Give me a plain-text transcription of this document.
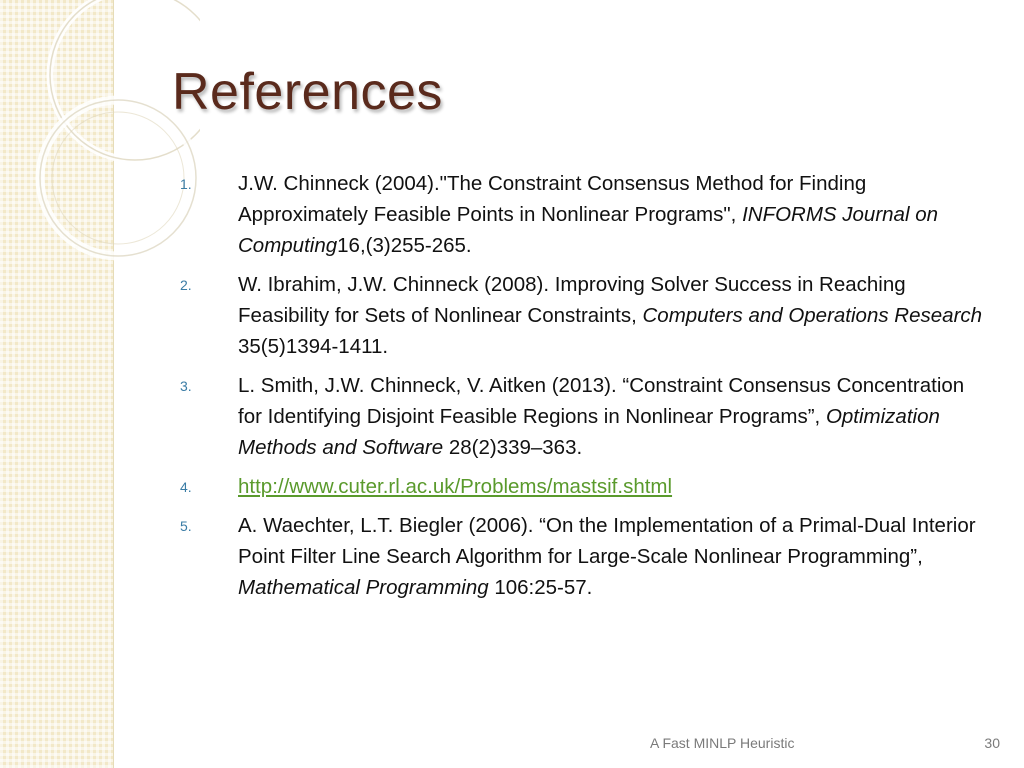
References
1. J.W. Chinneck (2004)."The Constraint Consensus Method for Finding Approximately Feasible Points in Nonlinear Programs", INFORMS Journal on Computing16,(3)255-265.
2. W. Ibrahim, J.W. Chinneck (2008). Improving Solver Success in Reaching Feasibility for Sets of Nonlinear Constraints, Computers and Operations Research 35(5)1394-1411.
3. L. Smith, J.W. Chinneck, V. Aitken (2013). “Constraint Consensus Concentration for Identifying Disjoint Feasible Regions in Nonlinear Programs”, Optimization Methods and Software 28(2)339–363.
4. http://www.cuter.rl.ac.uk/Problems/mastsif.shtml
5. A. Waechter, L.T. Biegler (2006). “On the Implementation of a Primal-Dual Interior Point Filter Line Search Algorithm for Large-Scale Nonlinear Programming”, Mathematical Programming 106:25-57.
A Fast MINLP Heuristic	30
